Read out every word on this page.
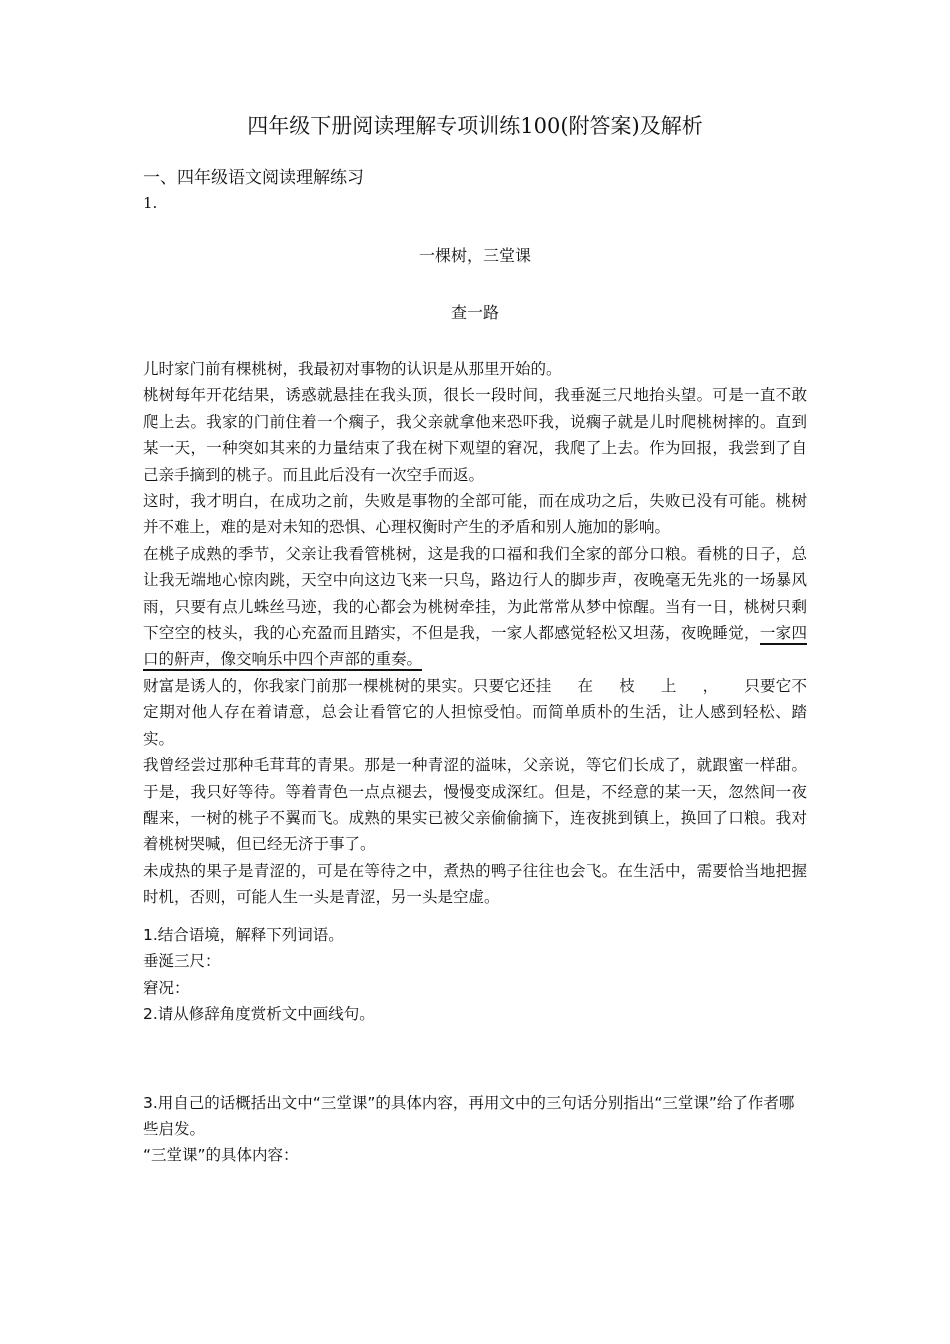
四年级下册阅读理解专项训练100(附答案)及解析
一、四年级语文阅读理解练习
1.
一棵树，三堂课
查一路

儿时家门前有棵桃树，我最初对事物的认识是从那里开始的。

桃树每年开花结果，诱惑就悬挂在我头顶，很长一段时间，我垂涎三尺地抬头望。可是一直不敢爬上去。我家的门前住着一个瘸子，我父亲就拿他来恐吓我，说瘸子就是儿时爬桃树摔的。直到某一天，一种突如其来的力量结束了我在树下观望的窘况，我爬了上去。作为回报，我尝到了自己亲手摘到的桃子。而且此后没有一次空手而返。

这时，我才明白，在成功之前，失败是事物的全部可能，而在成功之后，失败已没有可能。桃树并不难上，难的是对未知的恐惧、心理权衡时产生的矛盾和别人施加的影响。

在桃子成熟的季节，父亲让我看管桃树，这是我的口福和我们全家的部分口粮。看桃的日子，总让我无端地心惊肉跳，天空中向这边飞来一只鸟，路边行人的脚步声，夜晚毫无先兆的一场暴风雨，只要有点儿蛛丝马迹，我的心都会为桃树牵挂，为此常常从梦中惊醒。当有一日，桃树只剩下空空的枝头，我的心充盈而且踏实，不但是我，一家人都感觉轻松又坦荡，夜晚睡觉，一家四口的鼾声，像交响乐中四个声部的重奏。

财富是诱人的，你我家门前那一棵桃树的果实。只要它还挂在枝上，只要它不定期对他人存在着请意，总会让看管它的人担惊受怕。而简单质朴的生活，让人感到轻松、踏实。

我曾经尝过那种毛茸茸的青果。那是一种青涩的溢味，父亲说，等它们长成了，就跟蜜一样甜。于是，我只好等待。等着青色一点点褪去，慢慢变成深红。但是，不经意的某一天，忽然间一夜醒来，一树的桃子不翼而飞。成熟的果实已被父亲偷偷摘下，连夜挑到镇上，换回了口粮。我对着桃树哭喊，但已经无济于事了。

未成热的果子是青涩的，可是在等待之中，煮热的鸭子往往也会飞。在生活中，需要恰当地把握时机，否则，可能人生一头是青涩，另一头是空虚。

1.结合语境，解释下列词语。

垂涎三尺：

窘况：

2.请从修辞角度赏析文中画线句。

3.用自己的话概括出文中“三堂课”的具体内容，再用文中的三句话分别指出“三堂课”给了作者哪些启发。

“三堂课”的具体内容：
